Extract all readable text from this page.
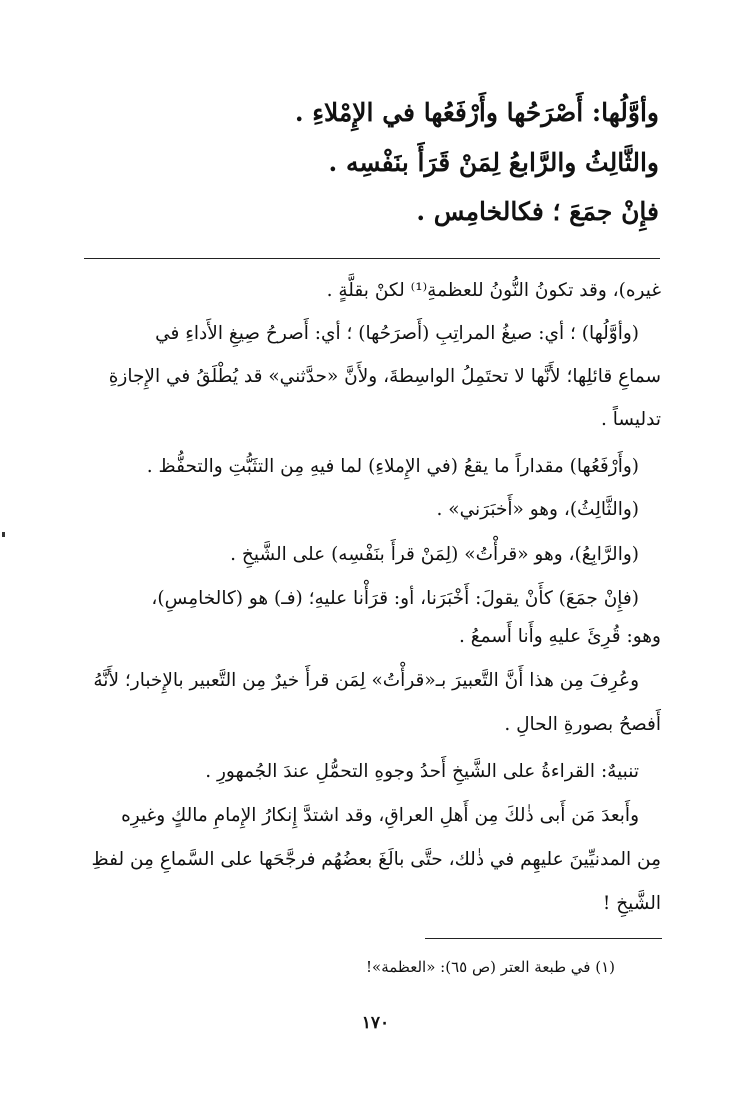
وأوَّلُها: أَصْرَحُها وأَرْفَعُها في الإِمْلاءِ .
والثَّالِثُ والرَّابعُ لِمَنْ قَرَأَ بنَفْسِه .
فإِنْ جمَعَ ؛ فكالخامِس .
غيره)، وقد تكونُ النُّونُ للعظمةِ⁽¹⁾ لكنْ بقلَّةٍ .
(وأوَّلُها) ؛ أي: صيغُ المراتِبِ (أَصرَحُها) ؛ أي: أَصرحُ صِيغِ الأَداءِ في
سماعِ قائلِها؛ لأَنَّها لا تحتَمِلُ الواسِطةَ، ولأَنَّ «حدَّثني» قد يُطْلَقُ في الإِجازةِ
تدليساً .
(وأَرْفَعُها) مقداراً ما يقعُ (في الإِملاءِ) لما فيهِ مِن التثَبُّتِ والتحفُّظ .
(والثَّالِثُ)، وهو «أَخبَرَني» .
(والرَّابِعُ)، وهو «قرأْتُ» (لِمَنْ قرأَ بنَفْسِه) على الشَّيخِ .
(فإِنْ جمَعَ) كأَنْ يقولَ: أَخْبَرَنا، أو: قرَأْنا عليهِ؛ (فـ) هو (كالخامِسِ)،
وهو: قُرِئَ عليهِ وأَنا أَسمعُ .
وعُرِفَ مِن هذا أَنَّ التَّعبيرَ بـ«قرأْتُ» لِمَن قرأَ خيرٌ مِن التَّعبير بالإِخبار؛ لأَنَّهُ
أَفصحُ بصورةِ الحالِ .
تنبيهٌ: القراءةُ على الشَّيخِ أَحدُ وجوهِ التحمُّلِ عندَ الجُمهورِ .
وأَبعدَ مَن أَبى ذٰلكَ مِن أَهلِ العراقِ، وقد اشتدَّ إِنكارُ الإِمامِ مالكٍ وغيرِه
مِن المدنيِّينَ عليهِم في ذٰلك، حتَّى بالَغَ بعضُهُم فرجَّحَها على السَّماعِ مِن لفظِ
الشَّيخِ !
(١) في طبعة العتر (ص ٦٥): «العظمة»!
١٧٠
